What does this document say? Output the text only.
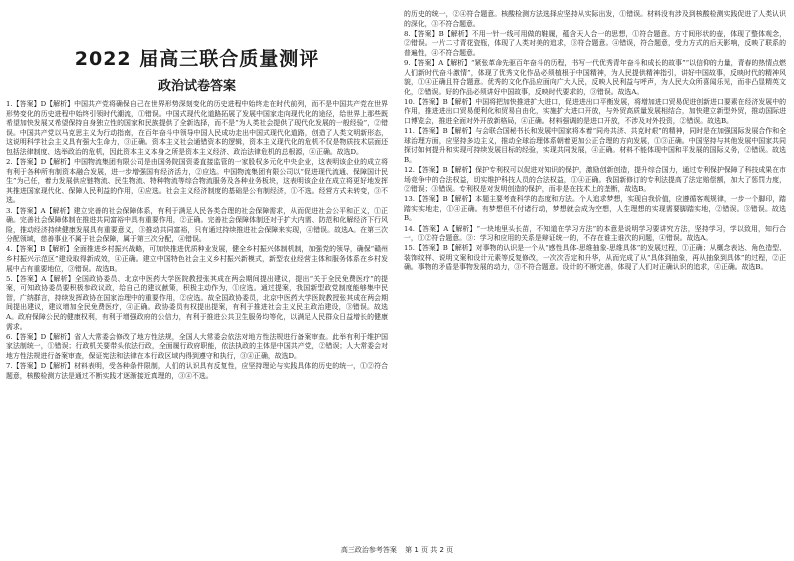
2022 届高三联合质量测评
政治试卷答案

1.【答案】D【解析】中国共产党将确保自己在世界形势深刻变化的历史进程中始终走在时代前列，而不是中国共产党在世界形势变化的历史进程中始终引领时代潮流，①错误。中国式现代化道路拓展了发展中国家走向现代化的途径，给世界上那些既希望加快发展又希望保持自身独立性的国家和民族提供了全新选择，而不是“为人类社会提供了现代化发展的一般经验”，②错误。中国共产党以马克思主义为行动指南，在百年奋斗中领导中国人民成功走出中国式现代化道路，创造了人类文明新形态，这说明科学社会主义具有强大生命力，③正确。资本主义社会通错资本的逻辑，资本主义现代化的危机不仅是物质技术层面还包括法律制度、选举政治的危机，因此资本主义本身之所是资本主义经济、政治法律危机的总根源，④正确。故选D。

2.【答案】D【解析】中国物流集团有限公司是由国务院国资委直接监管的一家股权多元化中央企业，这表明该企业的成立将有利于各种所有制资本融合发展，进一步增强国有经济活力，②应选。中国物流集团有限公司以“促进现代流通、保障国计民生”为己任，着力发展供应链物流、民生物流、特种物流等综合物流服务及各种业务板块，这表明该企业在成立将更好地发挥其推进国家现代化、保障人民利益的作用，④应选。社会主义经济制度的基础是公有制经济，①不选。经营方式未转变，③不选。

3.【答案】A【解析】建立完善的社会保障体系，有利于满足人民各类合理的社会保障需求，从而促进社会公平和正义，①正确。完善社会保障体制在推进共同富裕中具有重要作用，②正确。完善社会保障体制还对于扩大内需、防范和化解经济下行风险，推动经济持续健康发展具有重要意义，③推动共同富裕，只有通过持续推进社会保障来实现，④错误。故选A。在第三次分配领域，慈善事业不属于社会保障，属于第三次分配，④错误。

4.【答案】B【解析】全面推进乡村振兴战略，可加快推进优质种业发展，健全乡村振兴体制机制，加强党的领导，确保“赣州乡村振兴示范区”建设取得新成效，④正确。建立中国特色社会主义乡村振兴新模式，新型农业经营主体和服务体系在乡村发展中占有重要地位，③错误。故选B。

5.【答案】A【解析】全国政协委员、北京中医药大学医院教授张其成在两会期间提出建议，提出“关于全民免费医疗”的提案，可知政协委员要积极参政议政，给自己的建议献策，积极主动作为，①应选。通过提案，我国新型政党制度能够集中民智，广纳群言，持续发挥政协在国家治理中的重要作用，②应选。故全国政协委员，北京中医药大学医院教授张其成在两会期间提出建议，建议增加全民免费医疗，④正确。政协委员有权提出提案，有利于推进社会主义民主政治建设，③错误。故选A。政府保障公民的健康权利，有利于增强政府的公信力，有利于推进公共卫生服务均等化，以满足人民群众日益增长的健康需求。

6.【答案】D【解析】省人大常委会修改了地方性法规，全国人大常委会依法对地方性法规进行备案审查。此举有利于维护国家法制统一，①错误；行政机关要带头依法行政，全面履行政府职能，依法执政的主体是中国共产党，②错误；人大常委会对地方性法规进行备案审查，保证宪法和法律在本行政区域内得到遵守和执行，③④正确，故选D。

7.【答案】D【解析】材料表明，受各种条件限制，人们的认识具有反复性，应坚持理论与实践具体的历史的统一，①②符合题意，核酸检测方法是通过不断实践才逐渐接近真理的，③④不选。

的历史的统一，②④符合题意。核酸检测方法选择应坚持从实际出发，①错误。材料没有涉及到核酸检测实践促进了人类认识的深化，③不符合题意。

8.【答案】B【解析】不用一针一线可用做的鞋履，蕴含天人合一的思想，①符合题意。方寸间形状的壶，体现了整体观念，②错误。一片二寸青花瓷瓶，体现了人类对美的追求，③符合题意。④错误，符合题意，受力方式的后天影响，反映了联系的普遍性，④不符合题意。

9.【答案】A【解析】“紧张革命先驱百年奋斗的历程，书写一代优秀青年奋斗和成长的故事”“以信仰的力量，青春的热情点燃人们新时代奋斗激情”，体现了优秀文化作品必须植根于中国精神，为人民提供精神指引，讲好中国故事，反映时代的精神风貌，①④正确且符合题意。优秀的文化作品应面向广大人民，反映人民利益与呼声，为人民大众所喜闻乐见，而非凸显精英文化，②错误。好的作品必须讲好中国故事，反映时代要求的，③错误。故选A。

10.【答案】B【解析】中国将把加快推进扩大进口，促进进出口平衡发展，将增加进口贸易促进创新进口要素在经济发展中的作用，推进进出口贸易便利化和贸易自由化，实施扩大进口开放，与外贸高质量发展相结合，加快建立新型外贸，推动国际进口博览会，推进全面对外开放新格局，④正确。材料强调的是进口开放，不涉及对外投资，②错误。故选B。

11.【答案】B【解析】与会联合国秘书长和发展中国家将本着“同舟共济、共克时艰”的精神，同时是在加强国际发展合作和全球治理方面，应坚持多边主义，推动全球治理体系朝着更加公正合理的方向发展，①③正确。中国坚持与其他发展中国家共同探讨如何提升和实现可持续发展目标的经验，实现共同发展，④正确。材料不能体现中国和平发展的国际义务，②错误。故选B。

12.【答案】B【解析】保护专利权可以促进对知识的保护，激励创新创造，提升综合国力，通过专利保护保障了科技成果在市场竞争中的合法权益，切实维护科技人员的合法权益，①④正确。我国新修订的专利法提高了法定赔偿额，加大了惩罚力度，②错误；③错误。专利权是对发明创造的保护，而非是在技术上的垄断，故选B。

13.【答案】B【解析】本题主要考查科学的态度和方法。个人追求梦想，实现自我价值，应遵循客观规律，一步一个脚印，踏踏实实地走，①④正确。有梦想但不付诸行动，梦想就会成为空想，人生理想的实现需要脚踏实地，②错误。③错误。故选B。

14.【答案】A【解析】“一块地里头长苗，不知道在学习方法”的本意是说明学习要讲究方法，坚持学习，学以致用，知行合一，①②符合题意。③：学习和应用的关系是辩证统一的，不存在谁主谁次的问题，④错误。故选A。

15.【答案】B【解析】对事物的认识是一个从“感性具体-思维抽象-思维具体”的发展过程，①正确；从概念表达、角色造型、装饰纹样、说明文案和设计元素等反复修改，一次次否定和升华，从而完成了从“具体到抽象，再从抽象到具体”的过程，②正确。事物的矛盾是事物发展的动力，③不符合题意。设计的不断完善，体现了人们对正确认识的追求，④正确。故选B。

高三政治参考答案 第 1 页 共 2 页
